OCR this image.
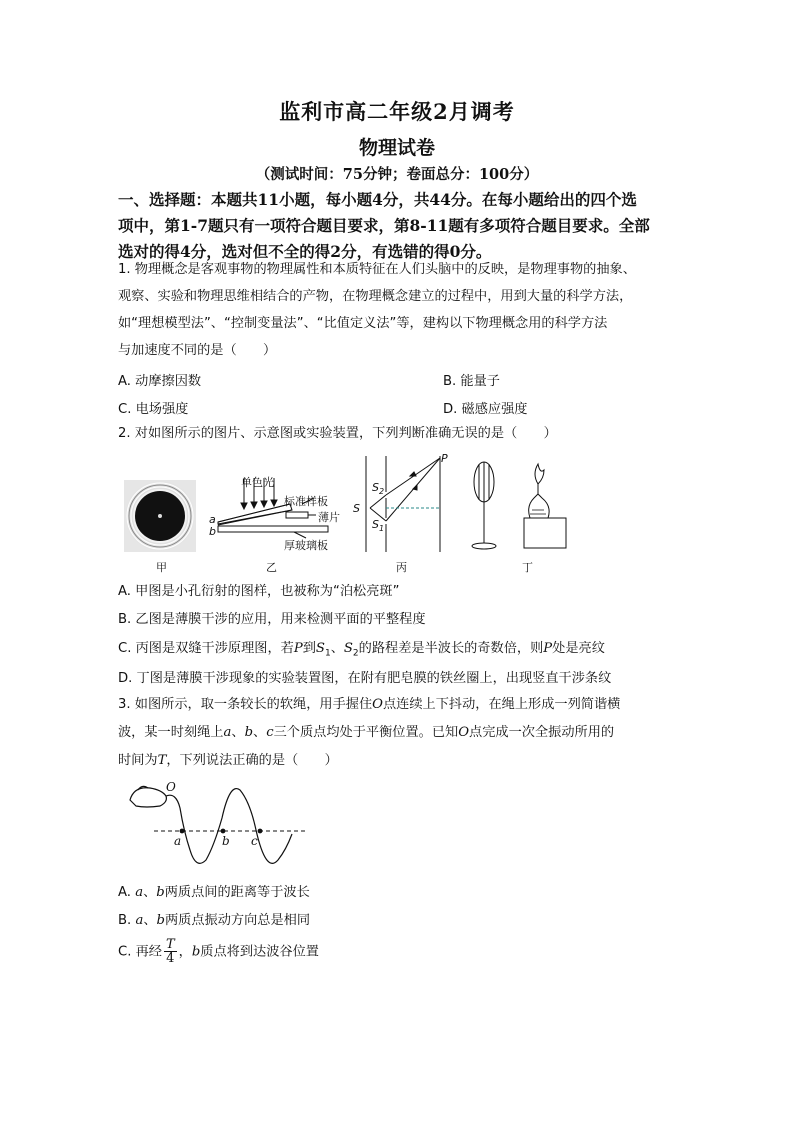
监利市高二年级2月调考
物理试卷
（测试时间：75分钟；卷面总分：100分）
一、选择题：本题共11小题，每小题4分，共44分。在每小题给出的四个选
项中，第1-7题只有一项符合题目要求，第8-11题有多项符合题目要求。全部
选对的得4分，选对但不全的得2分，有选错的得0分。
1. 物理概念是客观事物的物理属性和本质特征在人们头脑中的反映，是物理事物的抽象、
观察、实验和物理思维相结合的产物，在物理概念建立的过程中，用到大量的科学方法，
如“理想模型法”、“控制变量法”、“比值定义法”等，建构以下物理概念用的科学方法
与加速度不同的是（　　）
A. 动摩擦因数	B. 能量子
C. 电场强度	D. 磁感应强度
2. 对如图所示的图片、示意图或实验装置，下列判断准确无误的是（　　）
甲
单色光
标准样板
薄片
厚玻璃板
a
b
乙
P
S
$S_2$
$S_1$
丙	丁
A. 甲图是小孔衍射的图样，也被称为“泊松亮斑”
B. 乙图是薄膜干涉的应用，用来检测平面的平整程度
C. 丙图是双缝干涉原理图，若P到$S_1$、$S_2$的路程差是半波长的奇数倍，则P处是亮纹
D. 丁图是薄膜干涉现象的实验装置图，在附有肥皂膜的铁丝圈上，出现竖直干涉条纹
3. 如图所示，取一条较长的软绳，用手握住O点连续上下抖动，在绳上形成一列简谐横
波，某一时刻绳上a、b、c三个质点均处于平衡位置。已知O点完成一次全振动所用的
时间为T，下列说法正确的是（　　）
O
a	b c
A. a、b两质点间的距离等于波长
B. a、b两质点振动方向总是相同
C. 再经 $\frac{T}{4}$ ，b质点将到达波谷位置
